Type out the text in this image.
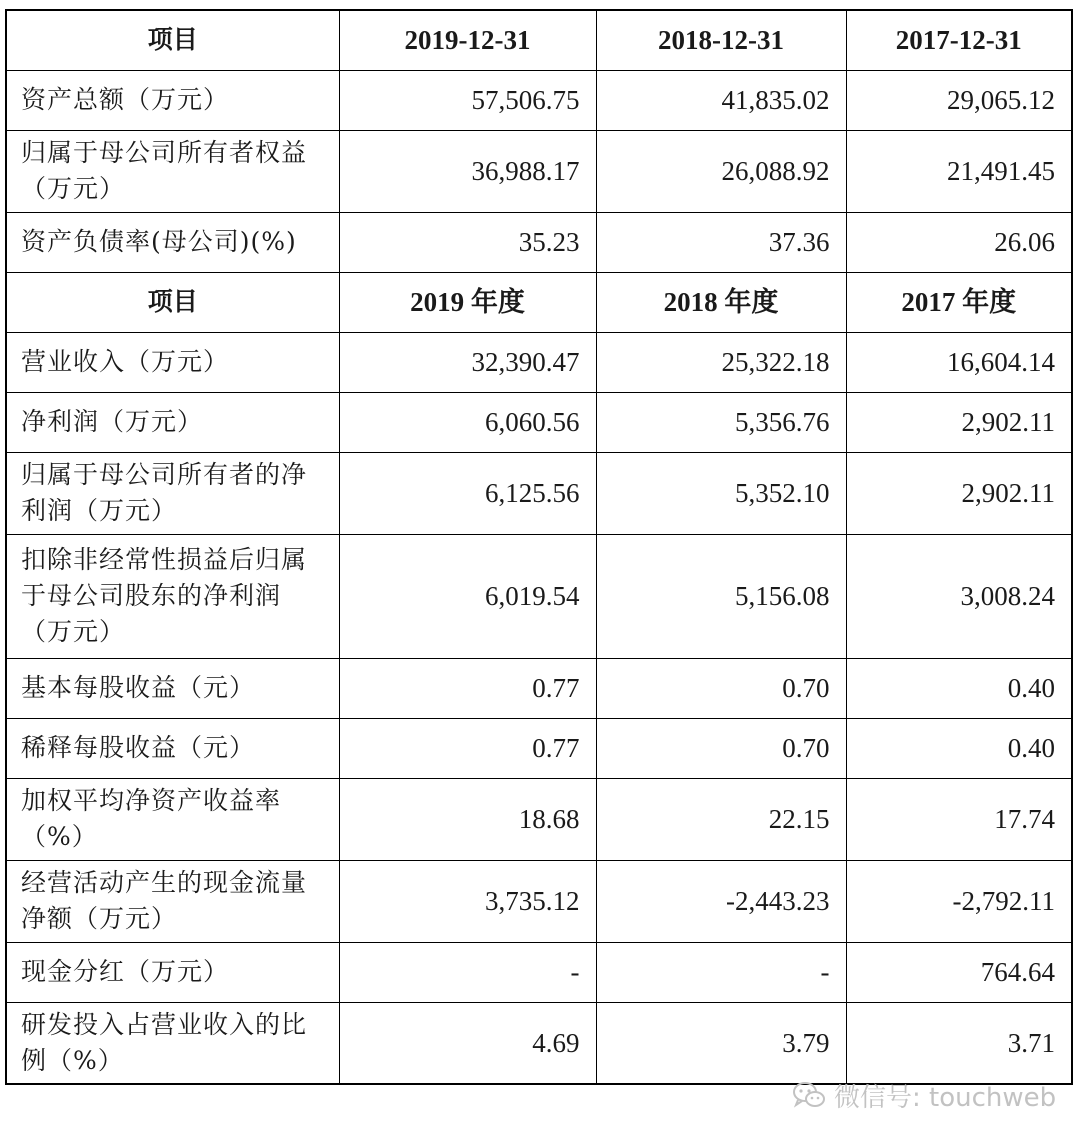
项目	2019-12-31	2018-12-31	2017-12-31
资产总额（万元）	57,506.75	41,835.02	29,065.12
归属于母公司所有者权益（万元）	36,988.17	26,088.92	21,491.45
资产负债率(母公司)(%)	35.23	37.36	26.06
项目	2019 年度	2018 年度	2017 年度
营业收入（万元）	32,390.47	25,322.18	16,604.14
净利润（万元）	6,060.56	5,356.76	2,902.11
归属于母公司所有者的净利润（万元）	6,125.56	5,352.10	2,902.11
扣除非经常性损益后归属于母公司股东的净利润（万元）	6,019.54	5,156.08	3,008.24
基本每股收益（元）	0.77	0.70	0.40
稀释每股收益（元）	0.77	0.70	0.40
加权平均净资产收益率（%）	18.68	22.15	17.74
经营活动产生的现金流量净额（万元）	3,735.12	-2,443.23	-2,792.11
现金分红（万元）	-	-	764.64
研发投入占营业收入的比例（%）	4.69	3.79	3.71
微信号: touchweb
